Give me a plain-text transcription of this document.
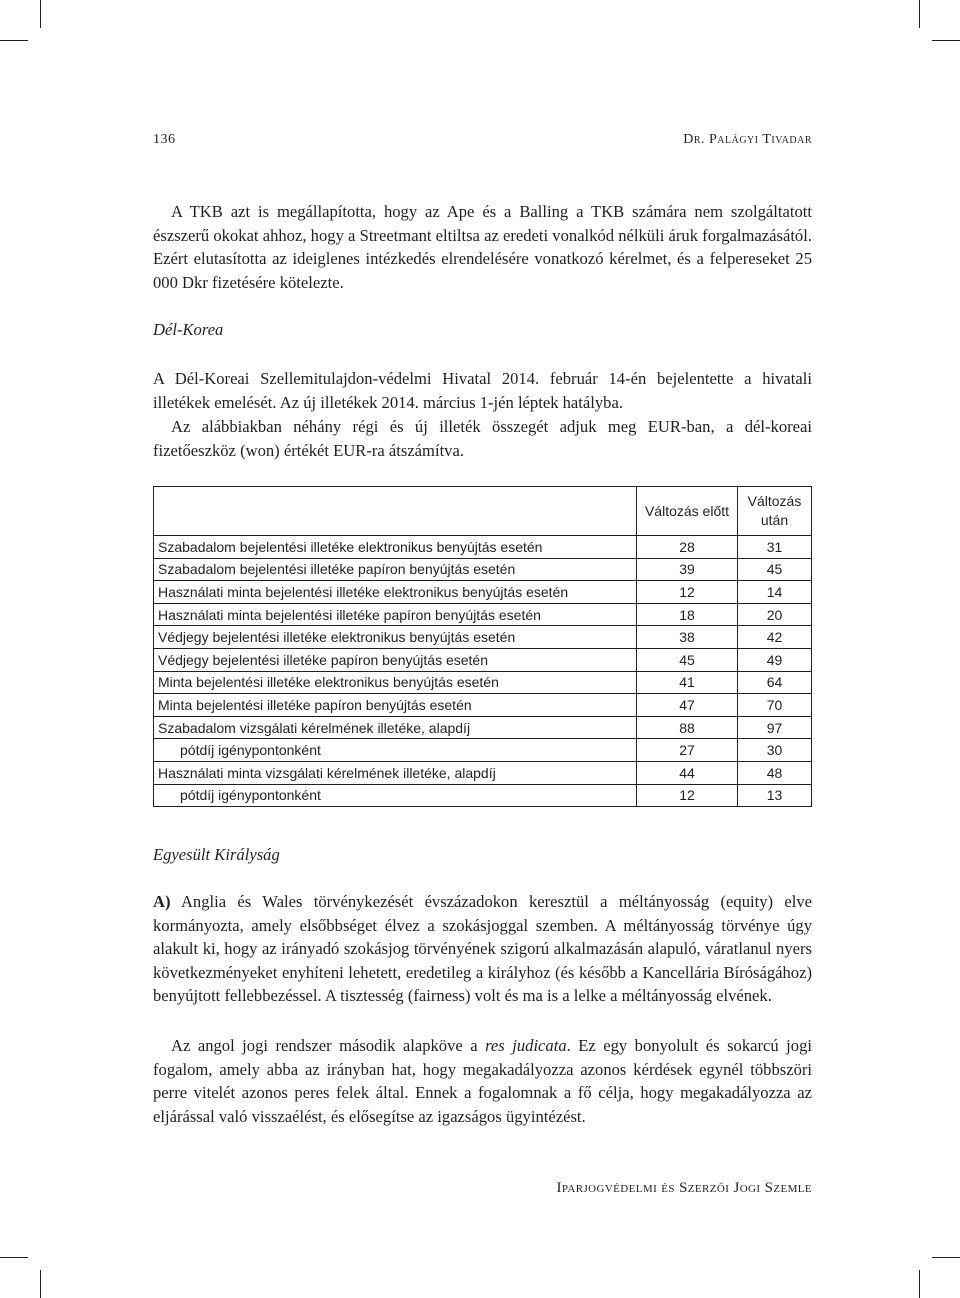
136	Dr. Palágyi Tivadar

A TKB azt is megállapította, hogy az Ape és a Balling a TKB számára nem szolgáltatott észszerű okokat ahhoz, hogy a Streetmant eltiltsa az eredeti vonalkód nélküli áruk forgalmazásától. Ezért elutasította az ideiglenes intézkedés elrendelésére vonatkozó kérelmet, és a felpereseket 25 000 Dkr fizetésére kötelezte.

Dél-Korea

A Dél-Koreai Szellemitulajdon-védelmi Hivatal 2014. február 14-én bejelentette a hivatali illetékek emelését. Az új illetékek 2014. március 1-jén léptek hatályba.

Az alábbiakban néhány régi és új illeték összegét adjuk meg EUR-ban, a dél-koreai fizetőeszköz (won) értékét EUR-ra átszámítva.

	Változás előtt	Változás után
Szabadalom bejelentési illetéke elektronikus benyújtás esetén	28	31
Szabadalom bejelentési illetéke papíron benyújtás esetén	39	45
Használati minta bejelentési illetéke elektronikus benyújtás esetén	12	14
Használati minta bejelentési illetéke papíron benyújtás esetén	18	20
Védjegy bejelentési illetéke elektronikus benyújtás esetén	38	42
Védjegy bejelentési illetéke papíron benyújtás esetén	45	49
Minta bejelentési illetéke elektronikus benyújtás esetén	41	64
Minta bejelentési illetéke papíron benyújtás esetén	47	70
Szabadalom vizsgálati kérelmének illetéke, alapdíj	88	97
pótdíj igénypontonként	27	30
Használati minta vizsgálati kérelmének illetéke, alapdíj	44	48
pótdíj igénypontonként	12	13

Egyesült Királyság

A) Anglia és Wales törvénykezését évszázadokon keresztül a méltányosság (equity) elve kormányozta, amely elsőbbséget élvez a szokásjoggal szemben. A méltányosság törvénye úgy alakult ki, hogy az irányadó szokásjog törvényének szigorú alkalmazásán alapuló, váratlanul nyers következményeket enyhíteni lehetett, eredetileg a királyhoz (és később a Kancellária Bíróságához) benyújtott fellebbezéssel. A tisztesség (fairness) volt és ma is a lelke a méltányosság elvének.

Az angol jogi rendszer második alapköve a res judicata. Ez egy bonyolult és sokarcú jogi fogalom, amely abba az irányban hat, hogy megakadályozza azonos kérdések egynél többszöri perre vitelét azonos peres felek által. Ennek a fogalomnak a fő célja, hogy megakadályozza az eljárással való visszaélést, és elősegítse az igazságos ügyintézést.

Iparjogvédelmi és Szerzői Jogi Szemle
